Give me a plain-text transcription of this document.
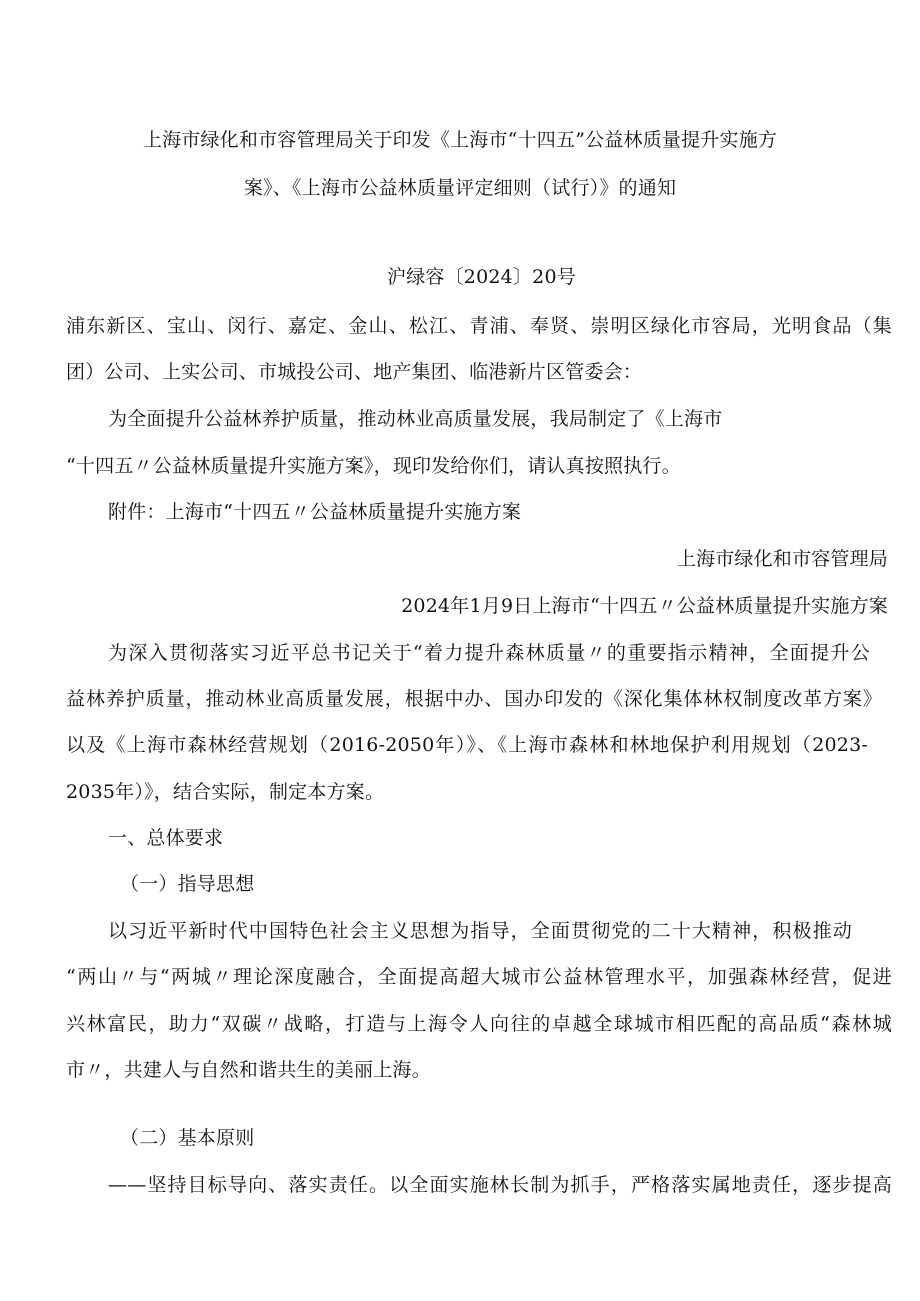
上海市绿化和市容管理局关于印发《上海市“十四五”公益林质量提升实施方
案》、《上海市公益林质量评定细则（试行）》的通知
沪绿容〔2024〕20号
浦东新区、宝山、闵行、嘉定、金山、松江、青浦、奉贤、崇明区绿化市容局，光明食品（集
团）公司、上实公司、市城投公司、地产集团、临港新片区管委会：
为全面提升公益林养护质量，推动林业高质量发展，我局制定了《上海市
“十四五〃公益林质量提升实施方案》，现印发给你们，请认真按照执行。
附件：上海市“十四五〃公益林质量提升实施方案
上海市绿化和市容管理局
2024年1月9日上海市“十四五〃公益林质量提升实施方案
为深入贯彻落实习近平总书记关于“着力提升森林质量〃的重要指示精神，全面提升公
益林养护质量，推动林业高质量发展，根据中办、国办印发的《深化集体林权制度改革方案》
以及《上海市森林经营规划（2016-2050年）》、《上海市森林和林地保护利用规划（2023-
2035年）》，结合实际，制定本方案。
一、总体要求
（一）指导思想
以习近平新时代中国特色社会主义思想为指导，全面贯彻党的二十大精神，积极推动
“两山〃与“两城〃理论深度融合，全面提高超大城市公益林管理水平，加强森林经营，促进
兴林富民，助力“双碳〃战略，打造与上海令人向往的卓越全球城市相匹配的高品质“森林城
市〃，共建人与自然和谐共生的美丽上海。
（二）基本原则
——坚持目标导向、落实责任。以全面实施林长制为抓手，严格落实属地责任，逐步提高
